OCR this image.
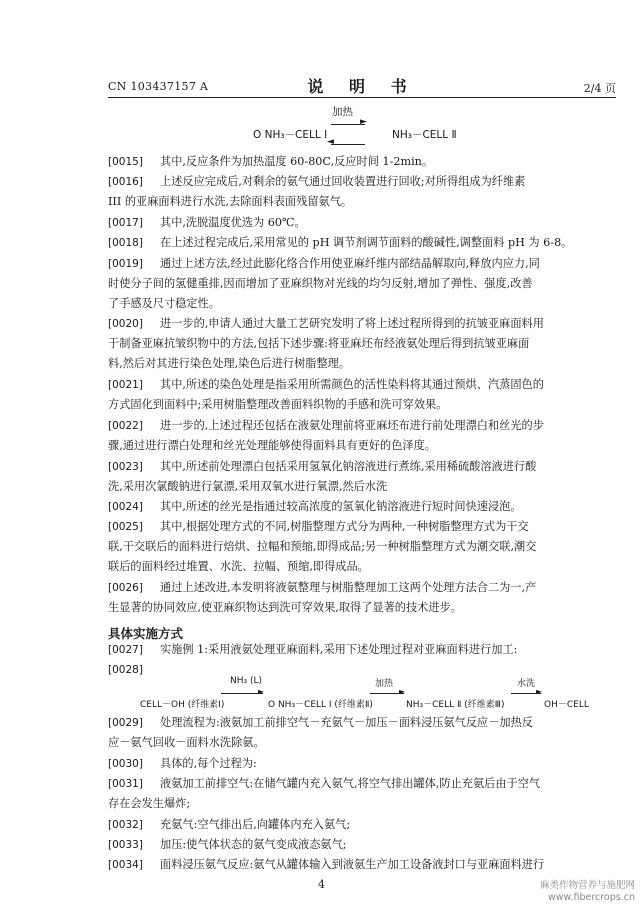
CN 103437157 A	说 明 书	2/4 页
加热
O NH₃－CELL Ⅰ
►
◄
NH₃－CELL Ⅱ
[0015] 其中,反应条件为加热温度 60-80C,反应时间 1-2min。
[0016] 上述反应完成后,对剩余的氨气通过回收装置进行回收;对所得组成为纤维素
III 的亚麻面料进行水洗,去除面料表面残留氨气。
[0017] 其中,洗脱温度优选为 60℃。
[0018] 在上述过程完成后,采用常见的 pH 调节剂调节面料的酸碱性,调整面料 pH 为 6-8。
[0019] 通过上述方法,经过此膨化络合作用使亚麻纤维内部结晶解取向,释放内应力,同
时使分子间的氢健重排,因而增加了亚麻织物对光线的均匀反射,增加了弹性、强度,改善
了手感及尺寸稳定性。
[0020] 进一步的,申请人通过大量工艺研究发明了将上述过程所得到的抗皱亚麻面料用
于制备亚麻抗皱织物中的方法,包括下述步骤:将亚麻坯布经液氨处理后得到抗皱亚麻面
料,然后对其进行染色处理,染色后进行树脂整理。
[0021] 其中,所述的染色处理是指采用所需颜色的活性染料将其通过预烘、汽蒸固色的
方式固化到面料中;采用树脂整理改善面料织物的手感和洗可穿效果。
[0022] 进一步的,上述过程还包括在液氨处理前将亚麻坯布进行前处理漂白和丝光的步
骤,通过进行漂白处理和丝光处理能够使得面料具有更好的色泽度。
[0023] 其中,所述前处理漂白包括采用氢氧化钠溶液进行煮练,采用稀硫酸溶液进行酸
洗,采用次氯酸钠进行氯漂,采用双氧水进行氧漂,然后水洗
[0024] 其中,所述的丝光是指通过较高浓度的氢氧化钠溶液进行短时间快速浸泡。
[0025] 其中,根据处理方式的不同,树脂整理方式分为两种,一种树脂整理方式为干交
联,干交联后的面料进行焙烘、拉幅和预缩,即得成品;另一种树脂整理方式为潮交联,潮交
联后的面料经过堆置、水洗、拉幅、预缩,即得成品。
[0026] 通过上述改进,本发明将液氨整理与树脂整理加工这两个处理方法合二为一,产
生显著的协同效应,使亚麻织物达到洗可穿效果,取得了显著的技术进步。
具体实施方式
[0027] 实施例 1:采用液氨处理亚麻面料,采用下述处理过程对亚麻面料进行加工:
[0028]
NH₃ (L)
CELL－OH (纤维素Ⅰ)
►
O NH₃－CELL Ⅰ (纤维素Ⅱ)
加热
►
NH₃－CELL Ⅱ (纤维素Ⅲ)
水洗
►
OH－CELL
[0029] 处理流程为:液氨加工前排空气－充氨气－加压－面料浸压氨气反应－加热反
应－氨气回收－面料水洗除氨。
[0030] 具体的,每个过程为:
[0031] 液氨加工前排空气:在储气罐内充入氨气,将空气排出罐体,防止充氨后由于空气
存在会发生爆炸;
[0032] 充氨气:空气排出后,向罐体内充入氨气;
[0033] 加压:使气体状态的氨气变成液态氨气;
[0034] 面料浸压氨气反应:氨气从罐体输入到液氨生产加工设备液封口与亚麻面料进行
4	麻类作物营养与施肥网
www.fibercrops.cn
